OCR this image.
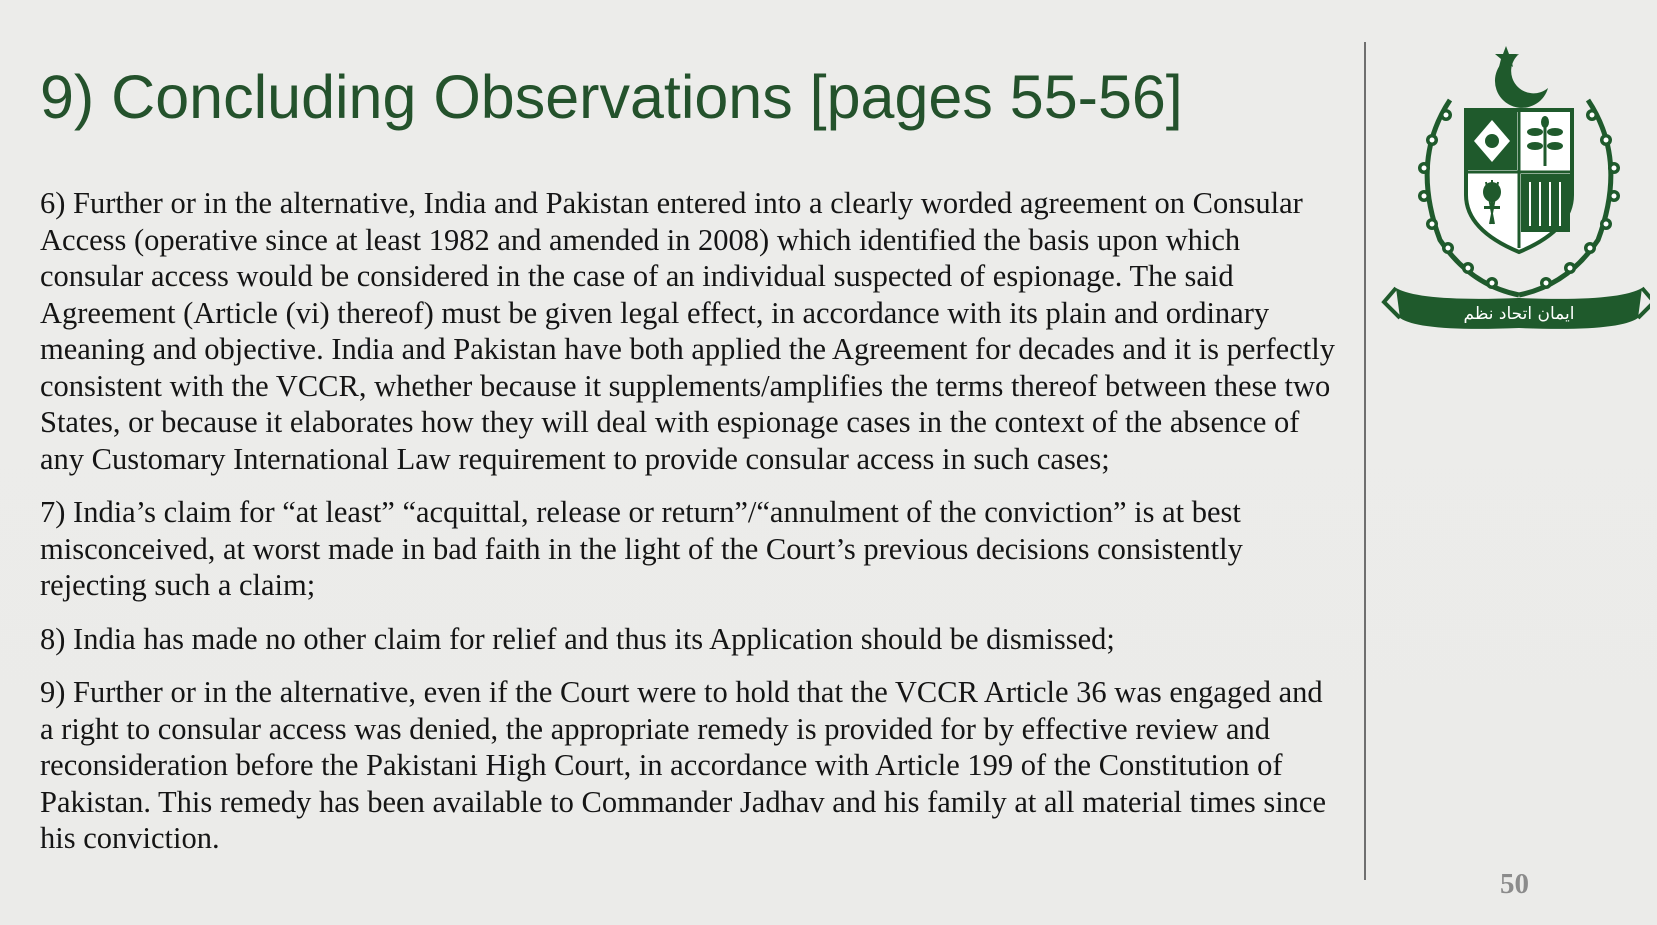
9) Concluding Observations [pages 55-56]

6) Further or in the alternative, India and Pakistan entered into a clearly worded agreement on Consular Access (operative since at least 1982 and amended in 2008) which identified the basis upon which consular access would be considered in the case of an individual suspected of espionage. The said Agreement (Article (vi) thereof) must be given legal effect, in accordance with its plain and ordinary meaning and objective. India and Pakistan have both applied the Agreement for decades and it is perfectly consistent with the VCCR, whether because it supplements/amplifies the terms thereof between these two States, or because it elaborates how they will deal with espionage cases in the context of the absence of any Customary International Law requirement to provide consular access in such cases;

7) India’s claim for “at least” “acquittal, release or return”/“annulment of the conviction” is at best misconceived, at worst made in bad faith in the light of the Court’s previous decisions consistently rejecting such a claim;

8) India has made no other claim for relief and thus its Application should be dismissed;

9) Further or in the alternative, even if the Court were to hold that the VCCR Article 36 was engaged and a right to consular access was denied, the appropriate remedy is provided for by effective review and reconsideration before the Pakistani High Court, in accordance with Article 199 of the Constitution of Pakistan. This remedy has been available to Commander Jadhav and his family at all material times since his conviction.

ایمان اتحاد نظم
50
